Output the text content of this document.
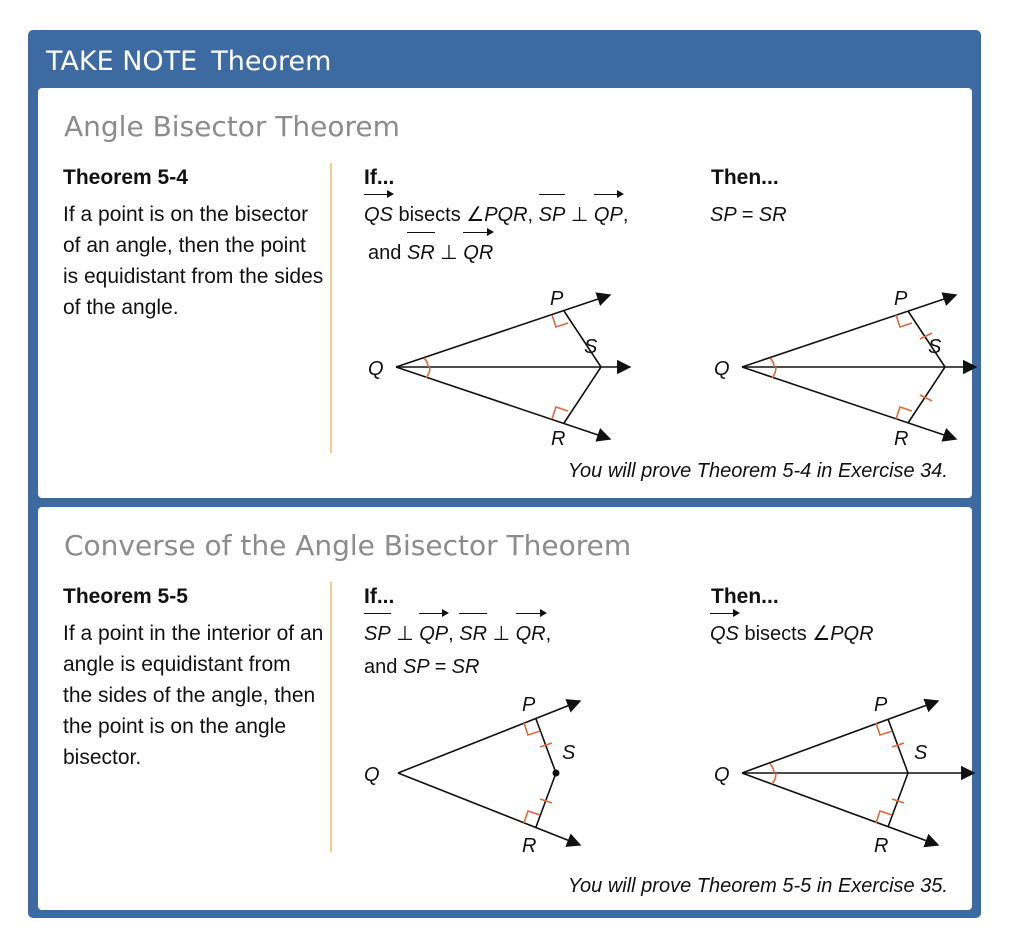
TAKE NOTE Theorem
Angle Bisector Theorem
Theorem 5-4
If a point is on the bisector of an angle, then the point is equidistant from the sides of the angle.
If...	Then...
QS bisects ∠PQR, SP ⊥ QP,
and SR ⊥ QR
SP = SR
P
Q
R
S
P
Q
R
S
You will prove Theorem 5-4 in Exercise 34.
Converse of the Angle Bisector Theorem
Theorem 5-5
If a point in the interior of an angle is equidistant from the sides of the angle, then the point is on the angle bisector.
If...	Then...
SP ⊥ QP, SR ⊥ QR,
and SP = SR
QS bisects ∠PQR
P
Q
R
S
P
Q
R
S
You will prove Theorem 5-5 in Exercise 35.
